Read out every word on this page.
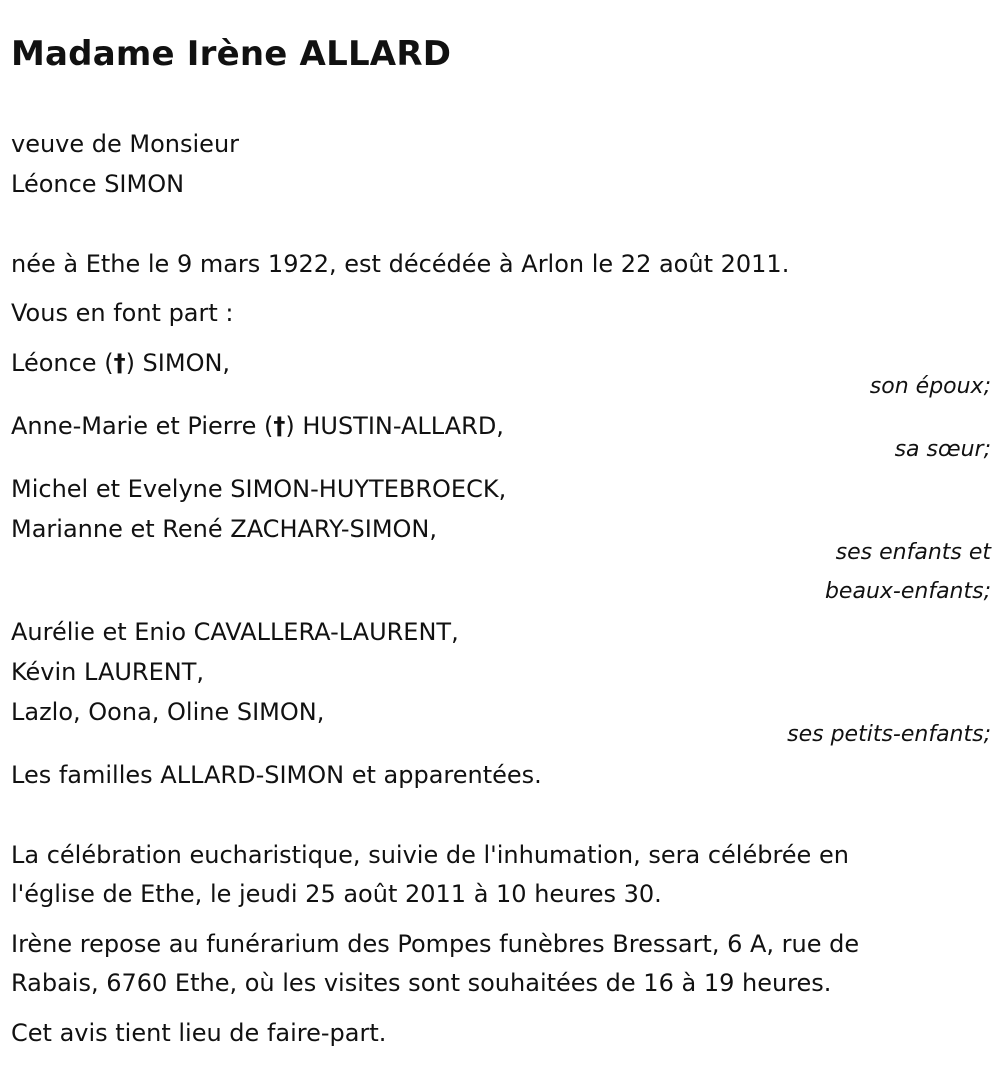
Madame Irène ALLARD
veuve de Monsieur
Léonce SIMON
née à Ethe le 9 mars 1922, est décédée à Arlon le 22 août 2011.
Vous en font part :
Léonce (†) SIMON,
son époux;
Anne-Marie et Pierre (†) HUSTIN-ALLARD,
sa sœur;
Michel et Evelyne SIMON-HUYTEBROECK,
Marianne et René ZACHARY-SIMON,
ses enfants et
beaux-enfants;
Aurélie et Enio CAVALLERA-LAURENT,
Kévin LAURENT,
Lazlo, Oona, Oline SIMON,
ses petits-enfants;
Les familles ALLARD-SIMON et apparentées.
La célébration eucharistique, suivie de l'inhumation, sera célébrée en
l'église de Ethe, le jeudi 25 août 2011 à 10 heures 30.
Irène repose au funérarium des Pompes funèbres Bressart, 6 A, rue de
Rabais, 6760 Ethe, où les visites sont souhaitées de 16 à 19 heures.
Cet avis tient lieu de faire-part.
